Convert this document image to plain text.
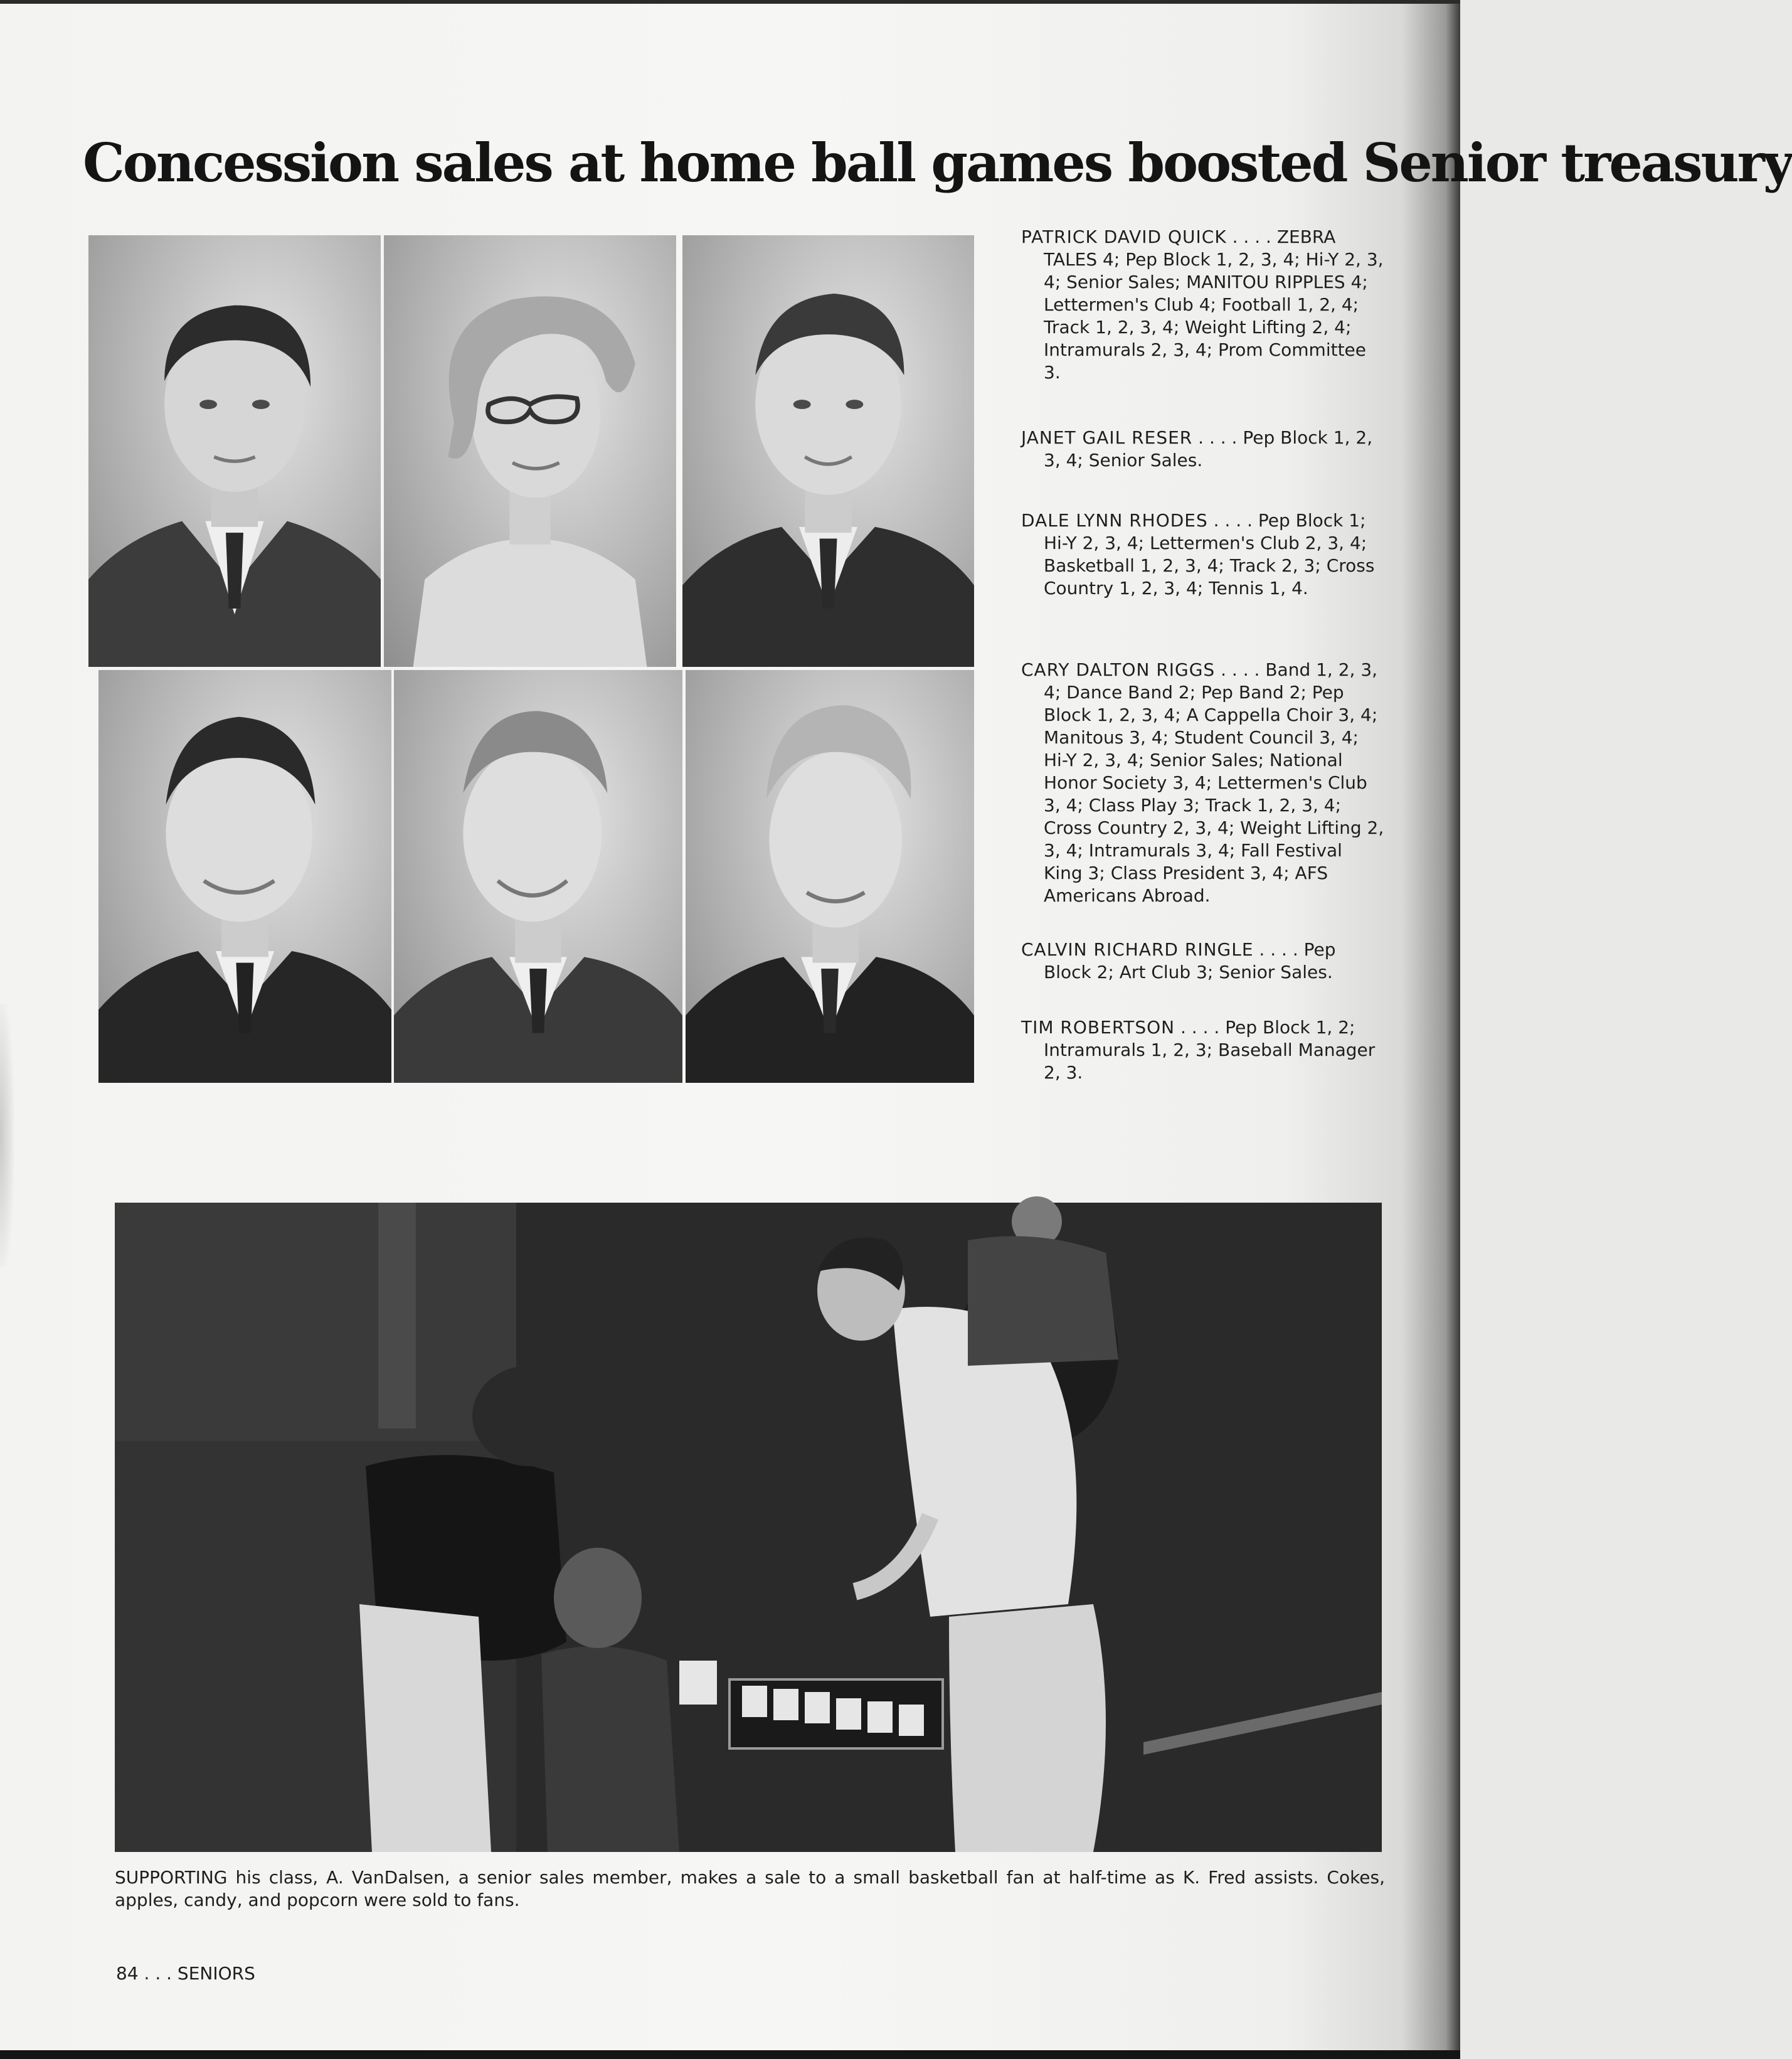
Concession sales at home ball games boosted Senior treasury

PATRICK DAVID QUICK . . . . ZEBRA TALES 4; Pep Block 1, 2, 3, 4; Hi-Y 2, 3, 4; Senior Sales; MANITOU RIPPLES 4; Lettermen's Club 4; Football 1, 2, 4; Track 1, 2, 3, 4; Weight Lifting 2, 4; Intramurals 2, 3, 4; Prom Committee 3.

JANET GAIL RESER . . . . Pep Block 1, 2, 3, 4; Senior Sales.

DALE LYNN RHODES . . . . Pep Block 1; Hi-Y 2, 3, 4; Lettermen's Club 2, 3, 4; Basketball 1, 2, 3, 4; Track 2, 3; Cross Country 1, 2, 3, 4; Tennis 1, 4.

CARY DALTON RIGGS . . . . Band 1, 2, 3, 4; Dance Band 2; Pep Band 2; Pep Block 1, 2, 3, 4; A Cappella Choir 3, 4; Manitous 3, 4; Student Council 3, 4; Hi-Y 2, 3, 4; Senior Sales; National Honor Society 3, 4; Lettermen's Club 3, 4; Class Play 3; Track 1, 2, 3, 4; Cross Country 2, 3, 4; Weight Lifting 2, 3, 4; Intramurals 3, 4; Fall Festival King 3; Class President 3, 4; AFS Americans Abroad.

CALVIN RICHARD RINGLE . . . . Pep Block 2; Art Club 3; Senior Sales.

TIM ROBERTSON . . . . Pep Block 1, 2; Intramurals 1, 2, 3; Baseball Manager 2, 3.

SUPPORTING his class, A. VanDalsen, a senior sales member, makes a sale to a small basketball fan at half-time as K. Fred assists. Cokes, apples, candy, and popcorn were sold to fans.

84 . . . SENIORS
